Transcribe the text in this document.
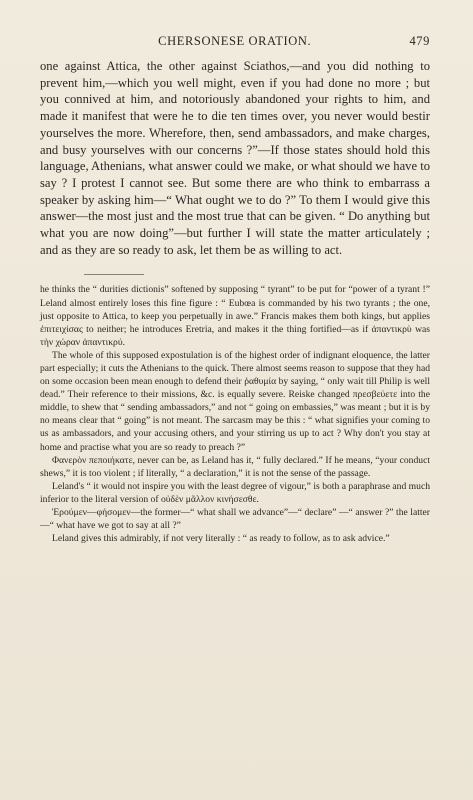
CHERSONESE ORATION.	479

one against Attica, the other against Sciathos,—and you did nothing to prevent him,—which you well might, even if you had done no more ; but you connived at him, and notoriously abandoned your rights to him, and made it manifest that were he to die ten times over, you never would bestir yourselves the more. Wherefore, then, send ambassadors, and make charges, and busy yourselves with our concerns ?”—If those states should hold this language, Athenians, what answer could we make, or what should we have to say ? I protest I cannot see. But some there are who think to embarrass a speaker by asking him—“ What ought we to do ?” To them I would give this answer—the most just and the most true that can be given. “ Do anything but what you are now doing”—but further I will state the matter articulately ; and as they are so ready to ask, let them be as willing to act.

he thinks the “ durities dictionis” softened by supposing “ tyrant” to be put for “power of a tyrant !” Leland almost entirely loses this fine figure : “ Eubœa is commanded by his two tyrants ; the one, just opposite to Attica, to keep you perpetually in awe.” Francis makes them both kings, but applies ἐπιτειχίσας to neither; he introduces Eretria, and makes it the thing fortified—as if ἀπαντικρὺ was τὴν χώραν ἀπαντικρύ.

The whole of this supposed expostulation is of the highest order of indignant eloquence, the latter part especially; it cuts the Athenians to the quick. There almost seems reason to suppose that they had on some occasion been mean enough to defend their ῥαθυμία by saying, “ only wait till Philip is well dead.” Their reference to their missions, &c. is equally severe. Reiske changed πρεσβεύετε into the middle, to shew that “ sending ambassadors,” and not “ going on embassies,” was meant ; but it is by no means clear that “ going” is not meant. The sarcasm may be this : “ what signifies your coming to us as ambassadors, and your accusing others, and your stirring us up to act ? Why don't you stay at home and practise what you are so ready to preach ?”

Φανερὸν πεποιήκατε, never can be, as Leland has it, “ fully declared.” If he means, “your conduct shews,” it is too violent ; if literally, “ a declaration,” it is not the sense of the passage.

Leland's “ it would not inspire you with the least degree of vigour,” is both a paraphrase and much inferior to the literal version of οὐδὲν μᾶλλον κινήσεσθε.

Ἐρούμεν—φήσομεν—the former—“ what shall we advance”—“ declare” —“ answer ?” the latter—“ what have we got to say at all ?”

Leland gives this admirably, if not very literally : “ as ready to follow, as to ask advice.”
